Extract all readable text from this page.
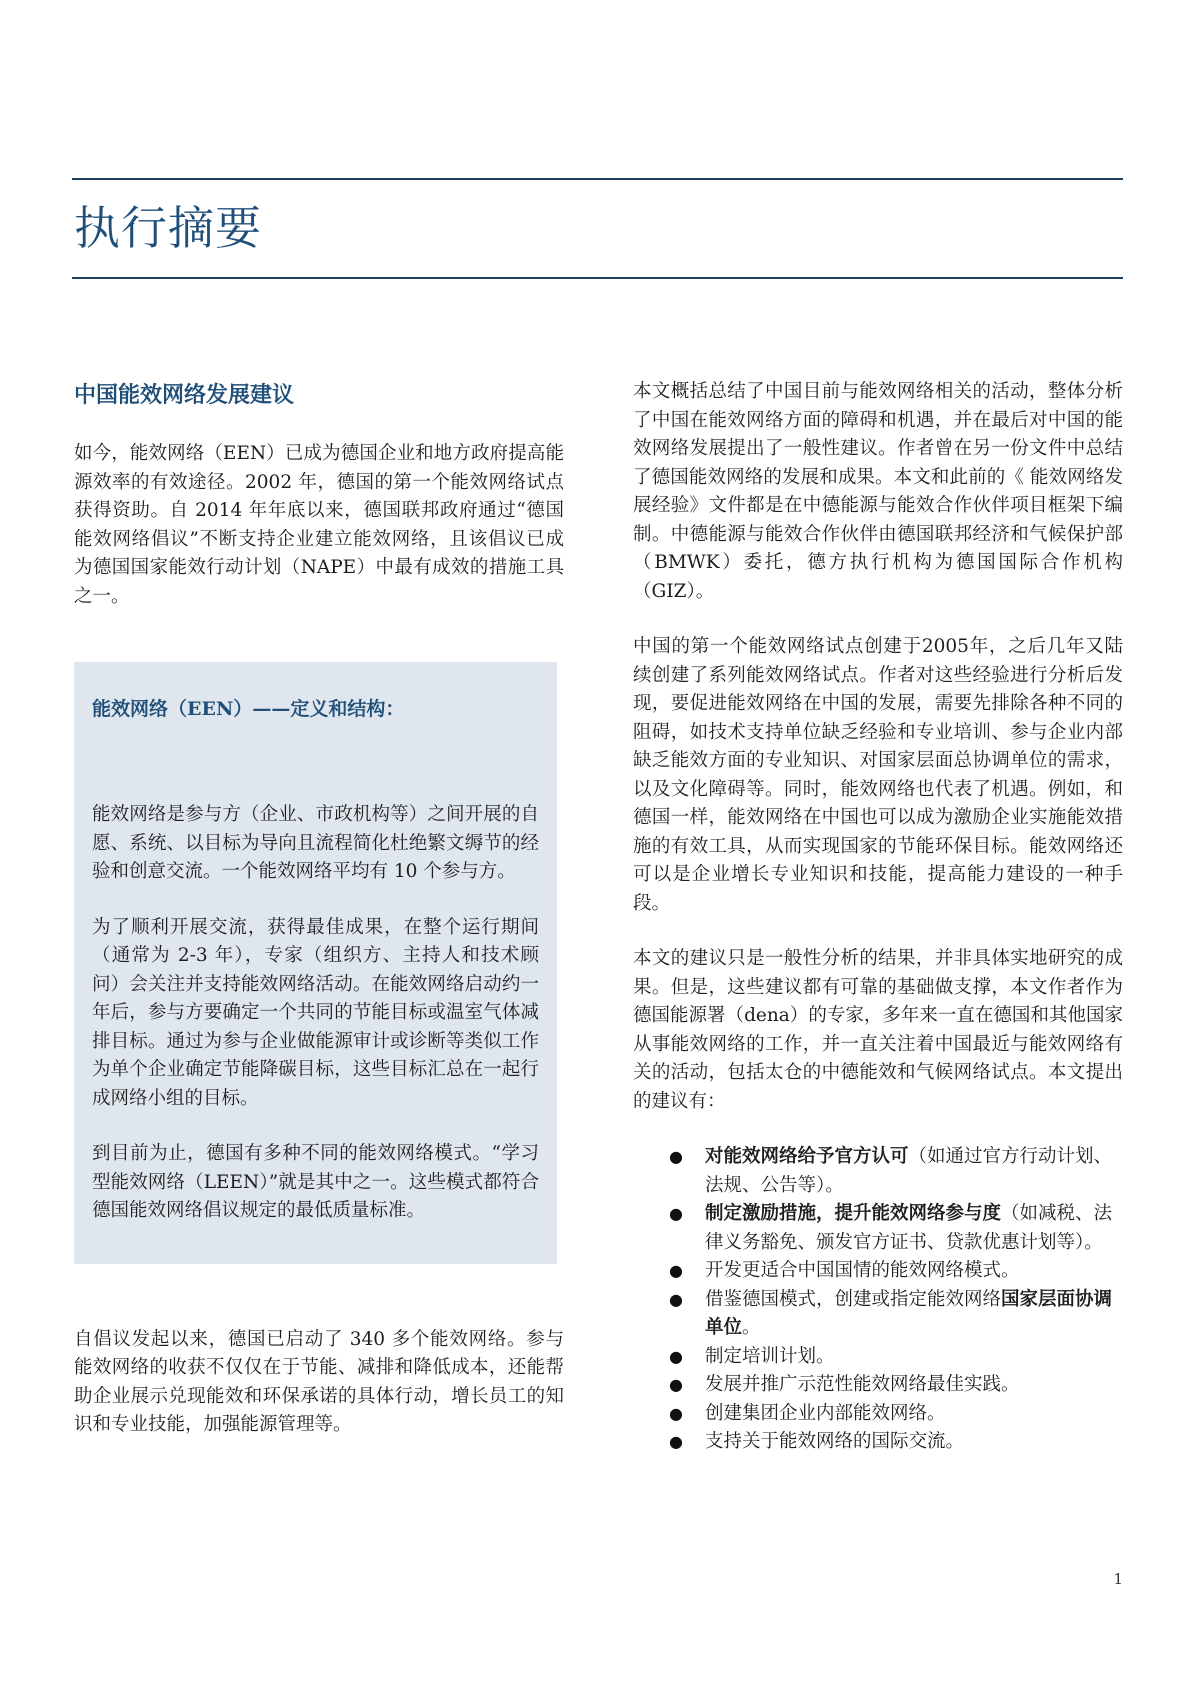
执行摘要
中国能效网络发展建议

如今，能效网络（EEN）已成为德国企业和地方政府提高能源效率的有效途径。2002 年，德国的第一个能效网络试点获得资助。自 2014 年年底以来，德国联邦政府通过“德国能效网络倡议”不断支持企业建立能效网络，且该倡议已成为德国国家能效行动计划（NAPE）中最有成效的措施工具之一。

能效网络（EEN）——定义和结构：

能效网络是参与方（企业、市政机构等）之间开展的自愿、系统、以目标为导向且流程简化杜绝繁文缛节的经验和创意交流。一个能效网络平均有 10 个参与方。

为了顺利开展交流，获得最佳成果，在整个运行期间（通常为 2-3 年），专家（组织方、主持人和技术顾问）会关注并支持能效网络活动。在能效网络启动约一年后，参与方要确定一个共同的节能目标或温室气体减排目标。通过为参与企业做能源审计或诊断等类似工作为单个企业确定节能降碳目标，这些目标汇总在一起行成网络小组的目标。

到目前为止，德国有多种不同的能效网络模式。“学习型能效网络（LEEN）”就是其中之一。这些模式都符合德国能效网络倡议规定的最低质量标准。

自倡议发起以来，德国已启动了 340 多个能效网络。参与能效网络的收获不仅仅在于节能、减排和降低成本，还能帮助企业展示兑现能效和环保承诺的具体行动，增长员工的知识和专业技能，加强能源管理等。

本文概括总结了中国目前与能效网络相关的活动，整体分析了中国在能效网络方面的障碍和机遇，并在最后对中国的能效网络发展提出了一般性建议。作者曾在另一份文件中总结了德国能效网络的发展和成果。本文和此前的《 能效网络发展经验》文件都是在中德能源与能效合作伙伴项目框架下编制。中德能源与能效合作伙伴由德国联邦经济和气候保护部（BMWK）委托，德方执行机构为德国国际合作机构（GIZ）。

中国的第一个能效网络试点创建于2005年，之后几年又陆续创建了系列能效网络试点。作者对这些经验进行分析后发现，要促进能效网络在中国的发展，需要先排除各种不同的阻碍，如技术支持单位缺乏经验和专业培训、参与企业内部缺乏能效方面的专业知识、对国家层面总协调单位的需求，以及文化障碍等。同时，能效网络也代表了机遇。例如，和德国一样，能效网络在中国也可以成为激励企业实施能效措施的有效工具，从而实现国家的节能环保目标。能效网络还可以是企业增长专业知识和技能，提高能力建设的一种手段。

本文的建议只是一般性分析的结果，并非具体实地研究的成果。但是，这些建议都有可靠的基础做支撑，本文作者作为德国能源署（dena）的专家，多年来一直在德国和其他国家从事能效网络的工作，并一直关注着中国最近与能效网络有关的活动，包括太仓的中德能效和气候网络试点。本文提出的建议有：

● 对能效网络给予官方认可（如通过官方行动计划、法规、公告等）。
● 制定激励措施，提升能效网络参与度（如减税、法律义务豁免、颁发官方证书、贷款优惠计划等）。
● 开发更适合中国国情的能效网络模式。
● 借鉴德国模式，创建或指定能效网络国家层面协调单位。
● 制定培训计划。
● 发展并推广示范性能效网络最佳实践。
● 创建集团企业内部能效网络。
● 支持关于能效网络的国际交流。
1
